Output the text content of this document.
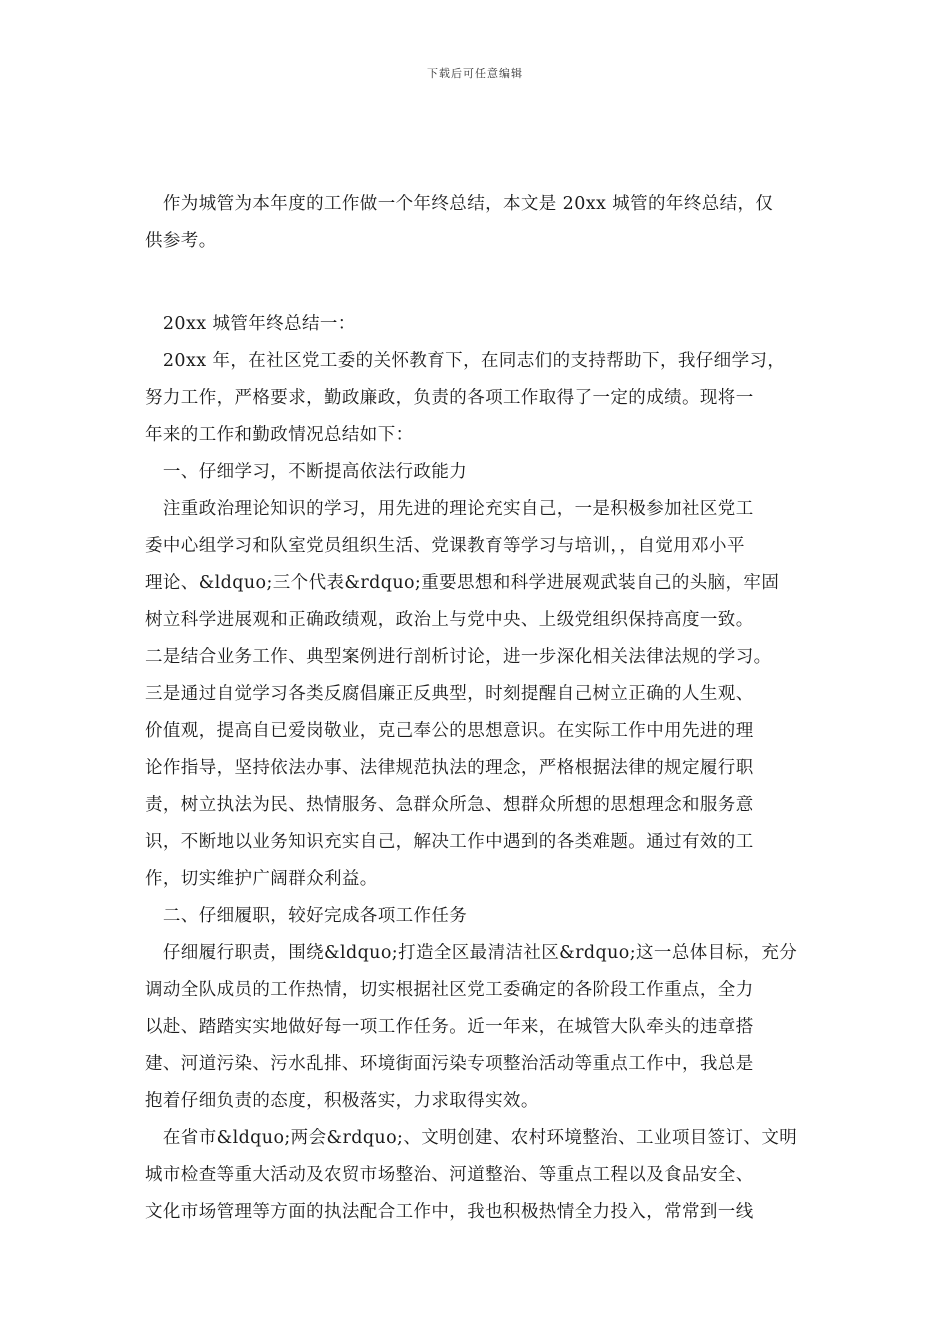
下载后可任意编辑
　作为城管为本年度的工作做一个年终总结，本文是 20xx 城管的年终总结，仅
供参考。
　20xx 城管年终总结一：
　20xx 年，在社区党工委的关怀教育下，在同志们的支持帮助下，我仔细学习，
努力工作，严格要求，勤政廉政，负责的各项工作取得了一定的成绩。现将一
年来的工作和勤政情况总结如下：
　一、仔细学习，不断提高依法行政能力
　注重政治理论知识的学习，用先进的理论充实自己，一是积极参加社区党工
委中心组学习和队室党员组织生活、党课教育等学习与培训，，自觉用邓小平
理论、&ldquo;三个代表&rdquo;重要思想和科学进展观武装自己的头脑，牢固
树立科学进展观和正确政绩观，政治上与党中央、上级党组织保持高度一致。
二是结合业务工作、典型案例进行剖析讨论，进一步深化相关法律法规的学习。
三是通过自觉学习各类反腐倡廉正反典型，时刻提醒自己树立正确的人生观、
价值观，提高自已爱岗敬业，克己奉公的思想意识。在实际工作中用先进的理
论作指导，坚持依法办事、法律规范执法的理念，严格根据法律的规定履行职
责，树立执法为民、热情服务、急群众所急、想群众所想的思想理念和服务意
识，不断地以业务知识充实自己，解决工作中遇到的各类难题。通过有效的工
作，切实维护广阔群众利益。
　二、仔细履职，较好完成各项工作任务
　仔细履行职责，围绕&ldquo;打造全区最清洁社区&rdquo;这一总体目标，充分
调动全队成员的工作热情，切实根据社区党工委确定的各阶段工作重点，全力
以赴、踏踏实实地做好每一项工作任务。近一年来，在城管大队牵头的违章搭
建、河道污染、污水乱排、环境街面污染专项整治活动等重点工作中，我总是
抱着仔细负责的态度，积极落实，力求取得实效。
　在省市&ldquo;两会&rdquo;、文明创建、农村环境整治、工业项目签订、文明
城市检查等重大活动及农贸市场整治、河道整治、等重点工程以及食品安全、
文化市场管理等方面的执法配合工作中，我也积极热情全力投入，常常到一线
